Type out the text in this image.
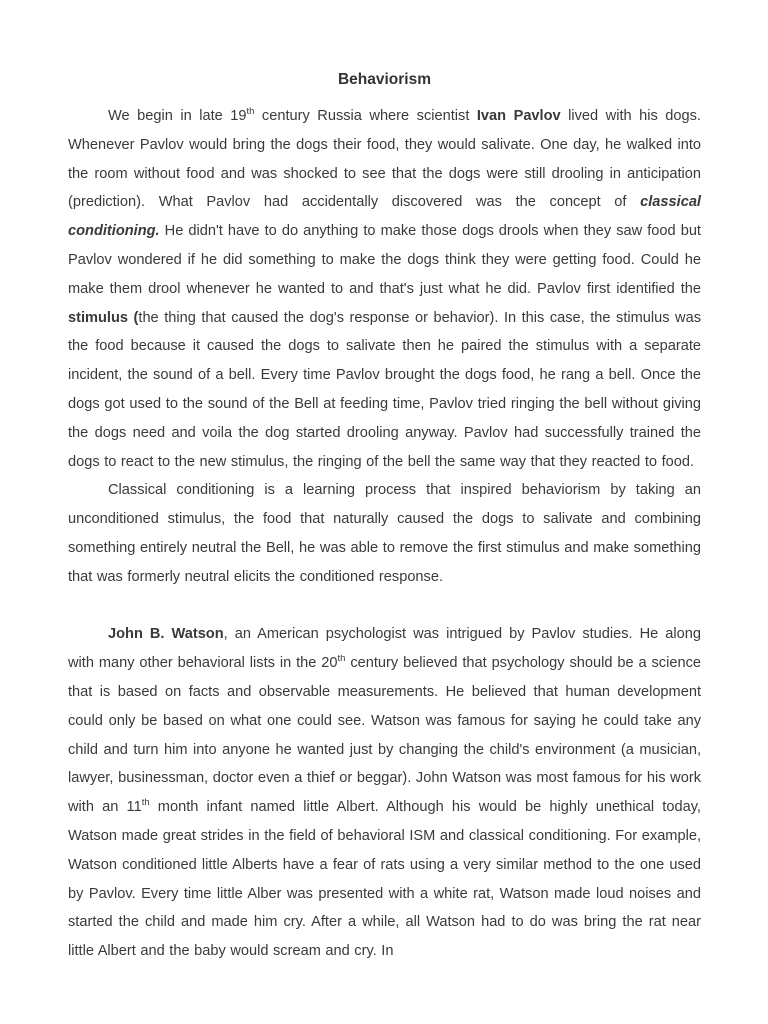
Behaviorism

We begin in late 19th century Russia where scientist Ivan Pavlov lived with his dogs. Whenever Pavlov would bring the dogs their food, they would salivate. One day, he walked into the room without food and was shocked to see that the dogs were still drooling in anticipation (prediction). What Pavlov had accidentally discovered was the concept of classical conditioning. He didn't have to do anything to make those dogs drools when they saw food but Pavlov wondered if he did something to make the dogs think they were getting food. Could he make them drool whenever he wanted to and that's just what he did. Pavlov first identified the stimulus (the thing that caused the dog's response or behavior). In this case, the stimulus was the food because it caused the dogs to salivate then he paired the stimulus with a separate incident, the sound of a bell. Every time Pavlov brought the dogs food, he rang a bell. Once the dogs got used to the sound of the Bell at feeding time, Pavlov tried ringing the bell without giving the dogs need and voila the dog started drooling anyway. Pavlov had successfully trained the dogs to react to the new stimulus, the ringing of the bell the same way that they reacted to food.

Classical conditioning is a learning process that inspired behaviorism by taking an unconditioned stimulus, the food that naturally caused the dogs to salivate and combining something entirely neutral the Bell, he was able to remove the first stimulus and make something that was formerly neutral elicits the conditioned response.

John B. Watson, an American psychologist was intrigued by Pavlov studies. He along with many other behavioral lists in the 20th century believed that psychology should be a science that is based on facts and observable measurements. He believed that human development could only be based on what one could see. Watson was famous for saying he could take any child and turn him into anyone he wanted just by changing the child's environment (a musician, lawyer, businessman, doctor even a thief or beggar). John Watson was most famous for his work with an 11th month infant named little Albert. Although his would be highly unethical today, Watson made great strides in the field of behavioral ISM and classical conditioning. For example, Watson conditioned little Alberts have a fear of rats using a very similar method to the one used by Pavlov. Every time little Alber was presented with a white rat, Watson made loud noises and started the child and made him cry. After a while, all Watson had to do was bring the rat near little Albert and the baby would scream and cry. In
